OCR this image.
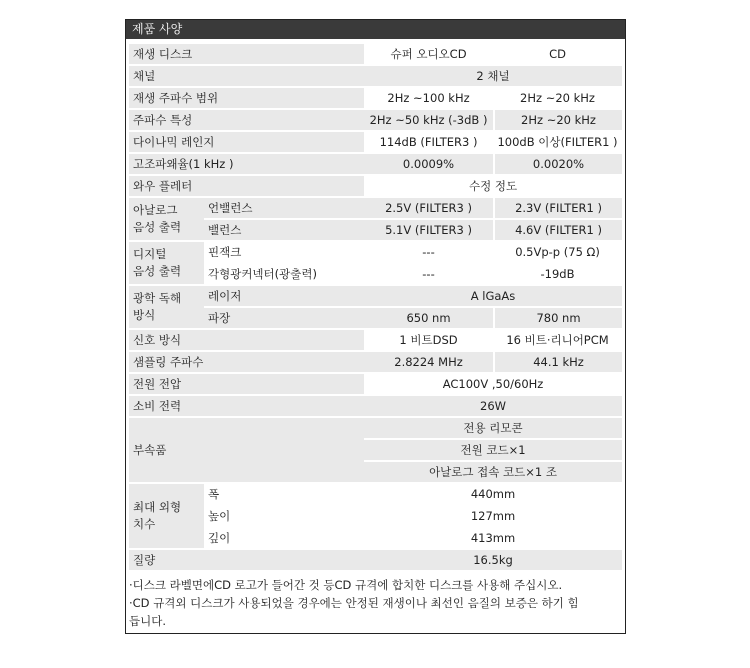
제품 사양
재생 디스크		슈퍼 오디오CD	CD
채널		2 채널	
재생 주파수 범위		2Hz ~100 kHz	2Hz ~20 kHz
주파수 특성		2Hz ~50 kHz (-3dB )	2Hz ~20 kHz
다이나믹 레인지		114dB (FILTER3 )	100dB 이상(FILTER1 )
고조파왜율(1 kHz )		0.0009%	0.0020%
와우 플레터		수정 정도	

아날로그
음성 출력	언밸런스	2.5V (FILTER3 )	2.3V (FILTER1 )
	밸런스	5.1V (FILTER3 )	4.6V (FILTER1 )

디지털
음성 출력	핀잭크	---	0.5Vp-p (75 Ω)
	각형광커넥터(광출력)	---	-19dB

광학 독해
방식	레이저	A lGaAs	
	파장	650 nm	780 nm
신호 방식		1 비트DSD	16 비트·리니어PCM
샘플링 주파수		2.8224 MHz	44.1 kHz
전원 전압		AC100V ,50/60Hz	
소비 전력		26W	
부속품		전용 리모콘	
		전원 코드×1	
		아날로그 접속 코드×1 조	

최대 외형
치수	폭	440mm	
	높이	127mm	
	깊이	413mm	
질량		16.5kg	
·디스크 라벨면에CD 로고가 들어간 것 등CD 규격에 합치한 디스크를 사용해 주십시오.
·CD 규격외 디스크가 사용되었을 경우에는 안정된 재생이나 최선인 음질의 보증은 하기 힘
듭니다.
